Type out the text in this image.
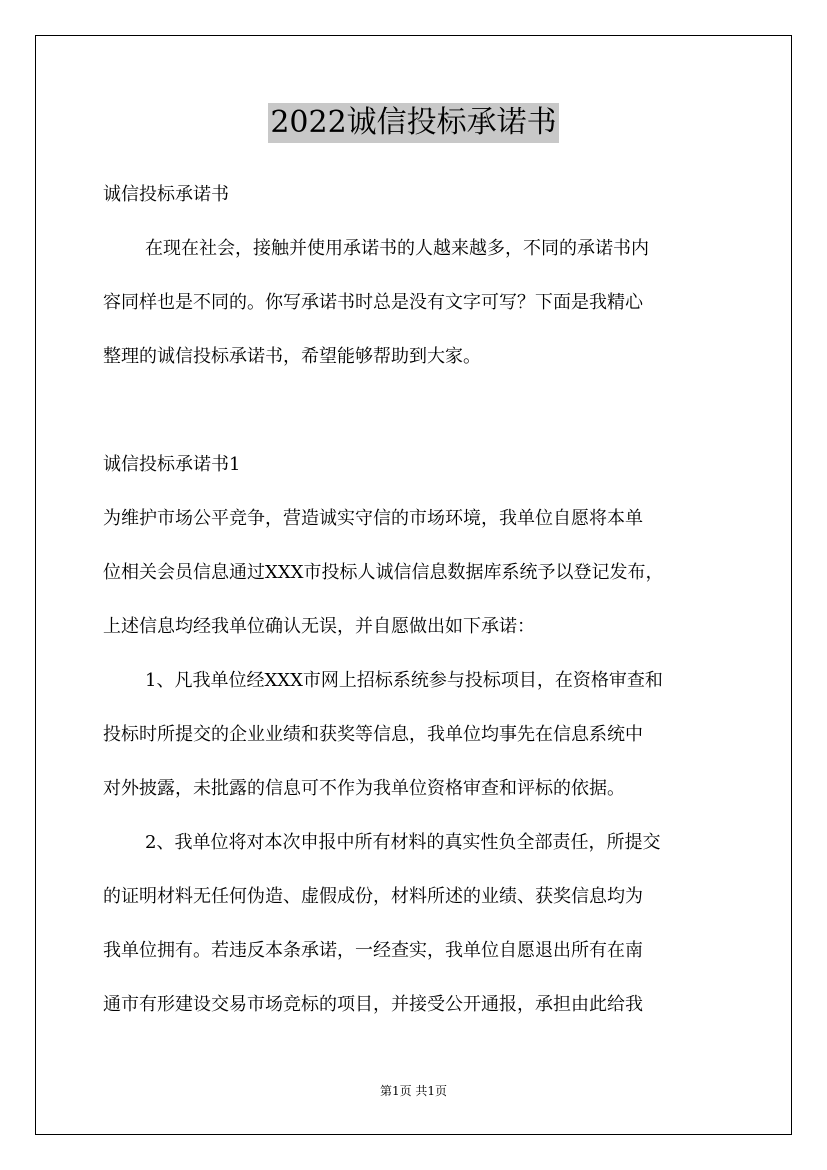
2022诚信投标承诺书
诚信投标承诺书
在现在社会，接触并使用承诺书的人越来越多，不同的承诺书内
容同样也是不同的。你写承诺书时总是没有文字可写？下面是我精心
整理的诚信投标承诺书，希望能够帮助到大家。
诚信投标承诺书1
为维护市场公平竞争，营造诚实守信的市场环境，我单位自愿将本单
位相关会员信息通过XXX市投标人诚信信息数据库系统予以登记发布，
上述信息均经我单位确认无误，并自愿做出如下承诺：
1、凡我单位经XXX市网上招标系统参与投标项目，在资格审查和
投标时所提交的企业业绩和获奖等信息，我单位均事先在信息系统中
对外披露，未批露的信息可不作为我单位资格审查和评标的依据。
2、我单位将对本次申报中所有材料的真实性负全部责任，所提交
的证明材料无任何伪造、虚假成份，材料所述的业绩、获奖信息均为
我单位拥有。若违反本条承诺，一经查实，我单位自愿退出所有在南
通市有形建设交易市场竞标的项目，并接受公开通报，承担由此给我
第1页 共1页
